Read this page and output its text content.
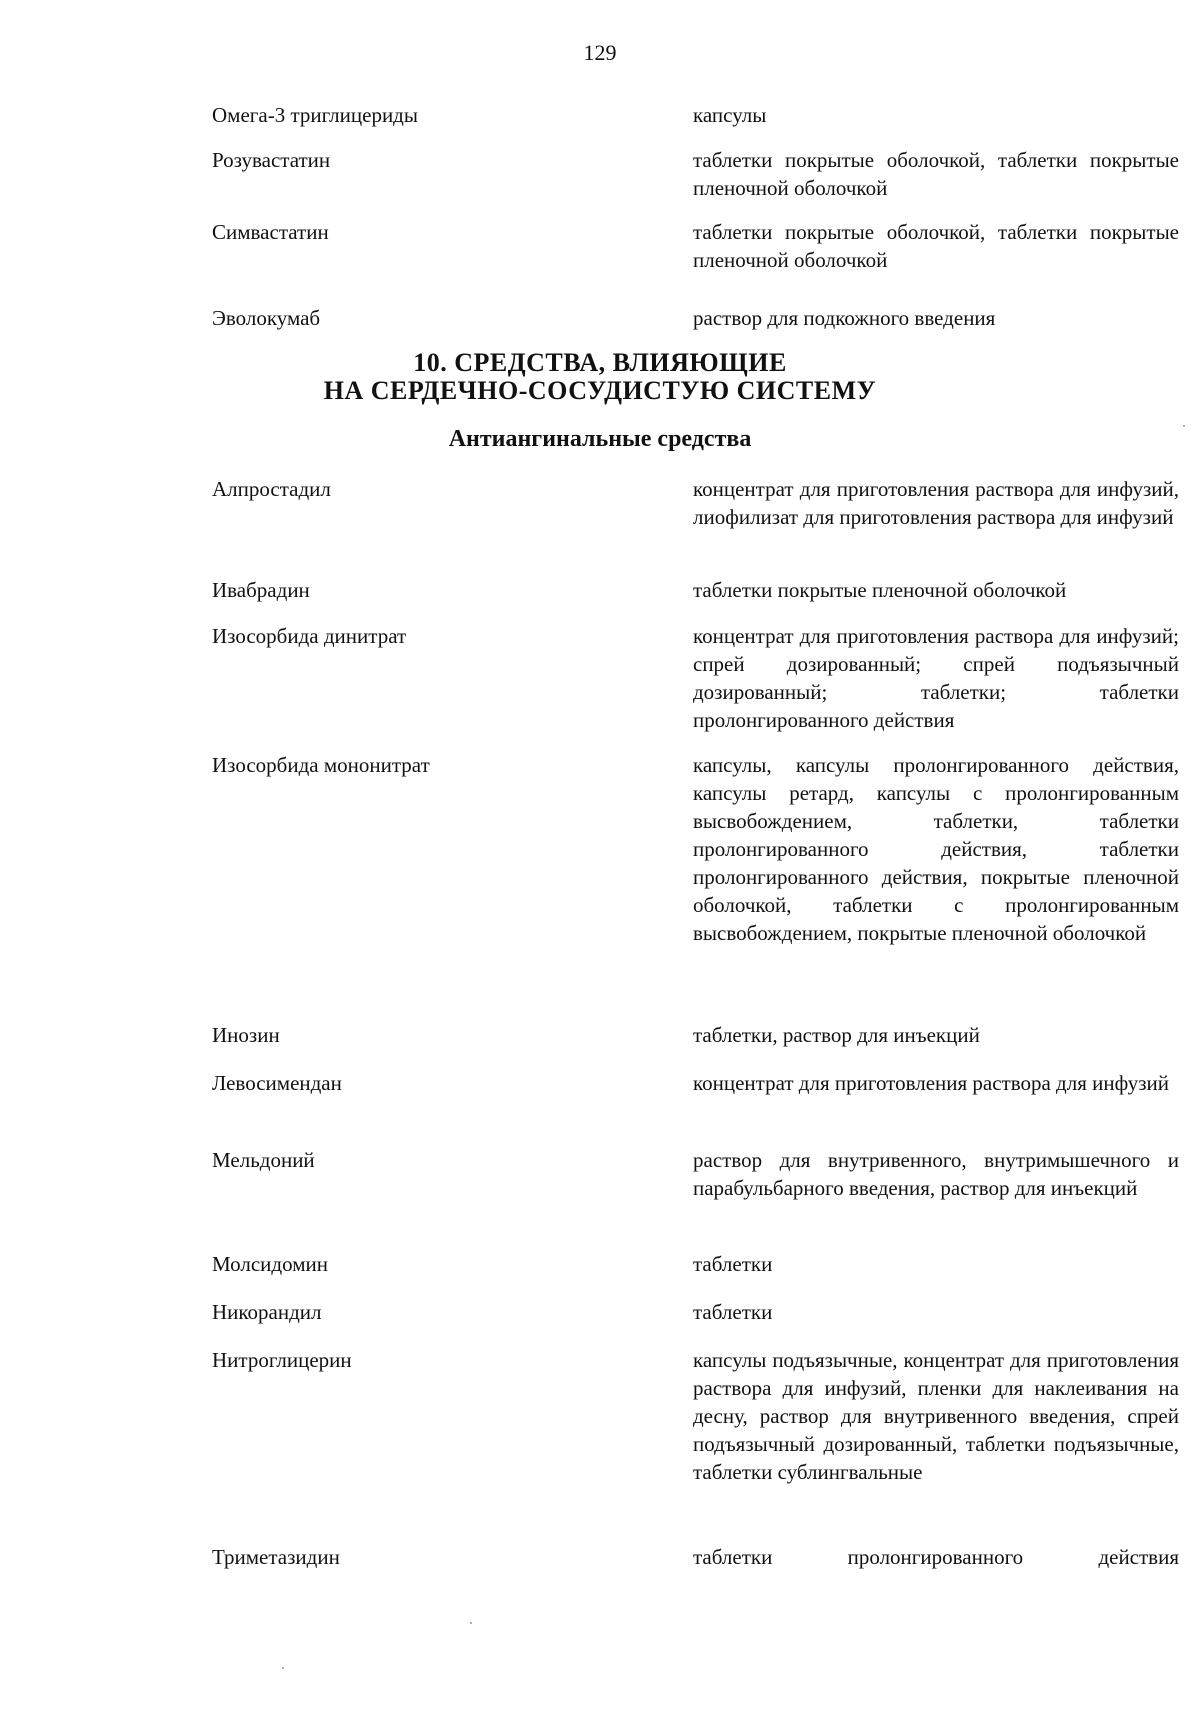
129
Омега-3 триглицериды	капсулы
Розувастатин	таблетки покрытые оболочкой, таблетки покрытые пленочной оболочкой
Симвастатин	таблетки покрытые оболочкой, таблетки покрытые пленочной оболочкой
Эволокумаб	раствор для подкожного введения
10. СРЕДСТВА, ВЛИЯЮЩИЕ
НА СЕРДЕЧНО-СОСУДИСТУЮ СИСТЕМУ
Антиангинальные средства
Алпростадил	концентрат для приготовления раствора для инфузий, лиофилизат для приготовления раствора для инфузий
Ивабрадин	таблетки покрытые пленочной оболочкой
Изосорбида динитрат	концентрат для приготовления раствора для инфузий; спрей дозированный; спрей подъязычный дозированный; таблетки; таблетки пролонгированного действия
Изосорбида мононитрат	капсулы, капсулы пролонгированного действия, капсулы ретард, капсулы с пролонгированным высвобождением, таблетки, таблетки пролонгированного действия, таблетки пролонгированного действия, покрытые пленочной оболочкой, таблетки с пролонгированным высвобождением, покрытые пленочной оболочкой
Инозин	таблетки, раствор для инъекций
Левосимендан	концентрат для приготовления раствора для инфузий
Мельдоний	раствор для внутривенного, внутримышечного и парабульбарного введения, раствор для инъекций
Молсидомин	таблетки
Никорандил	таблетки
Нитроглицерин	капсулы подъязычные, концентрат для приготовления раствора для инфузий, пленки для наклеивания на десну, раствор для внутривенного введения, спрей подъязычный дозированный, таблетки подъязычные, таблетки сублингвальные
Триметазидин	таблетки пролонгированного действия
